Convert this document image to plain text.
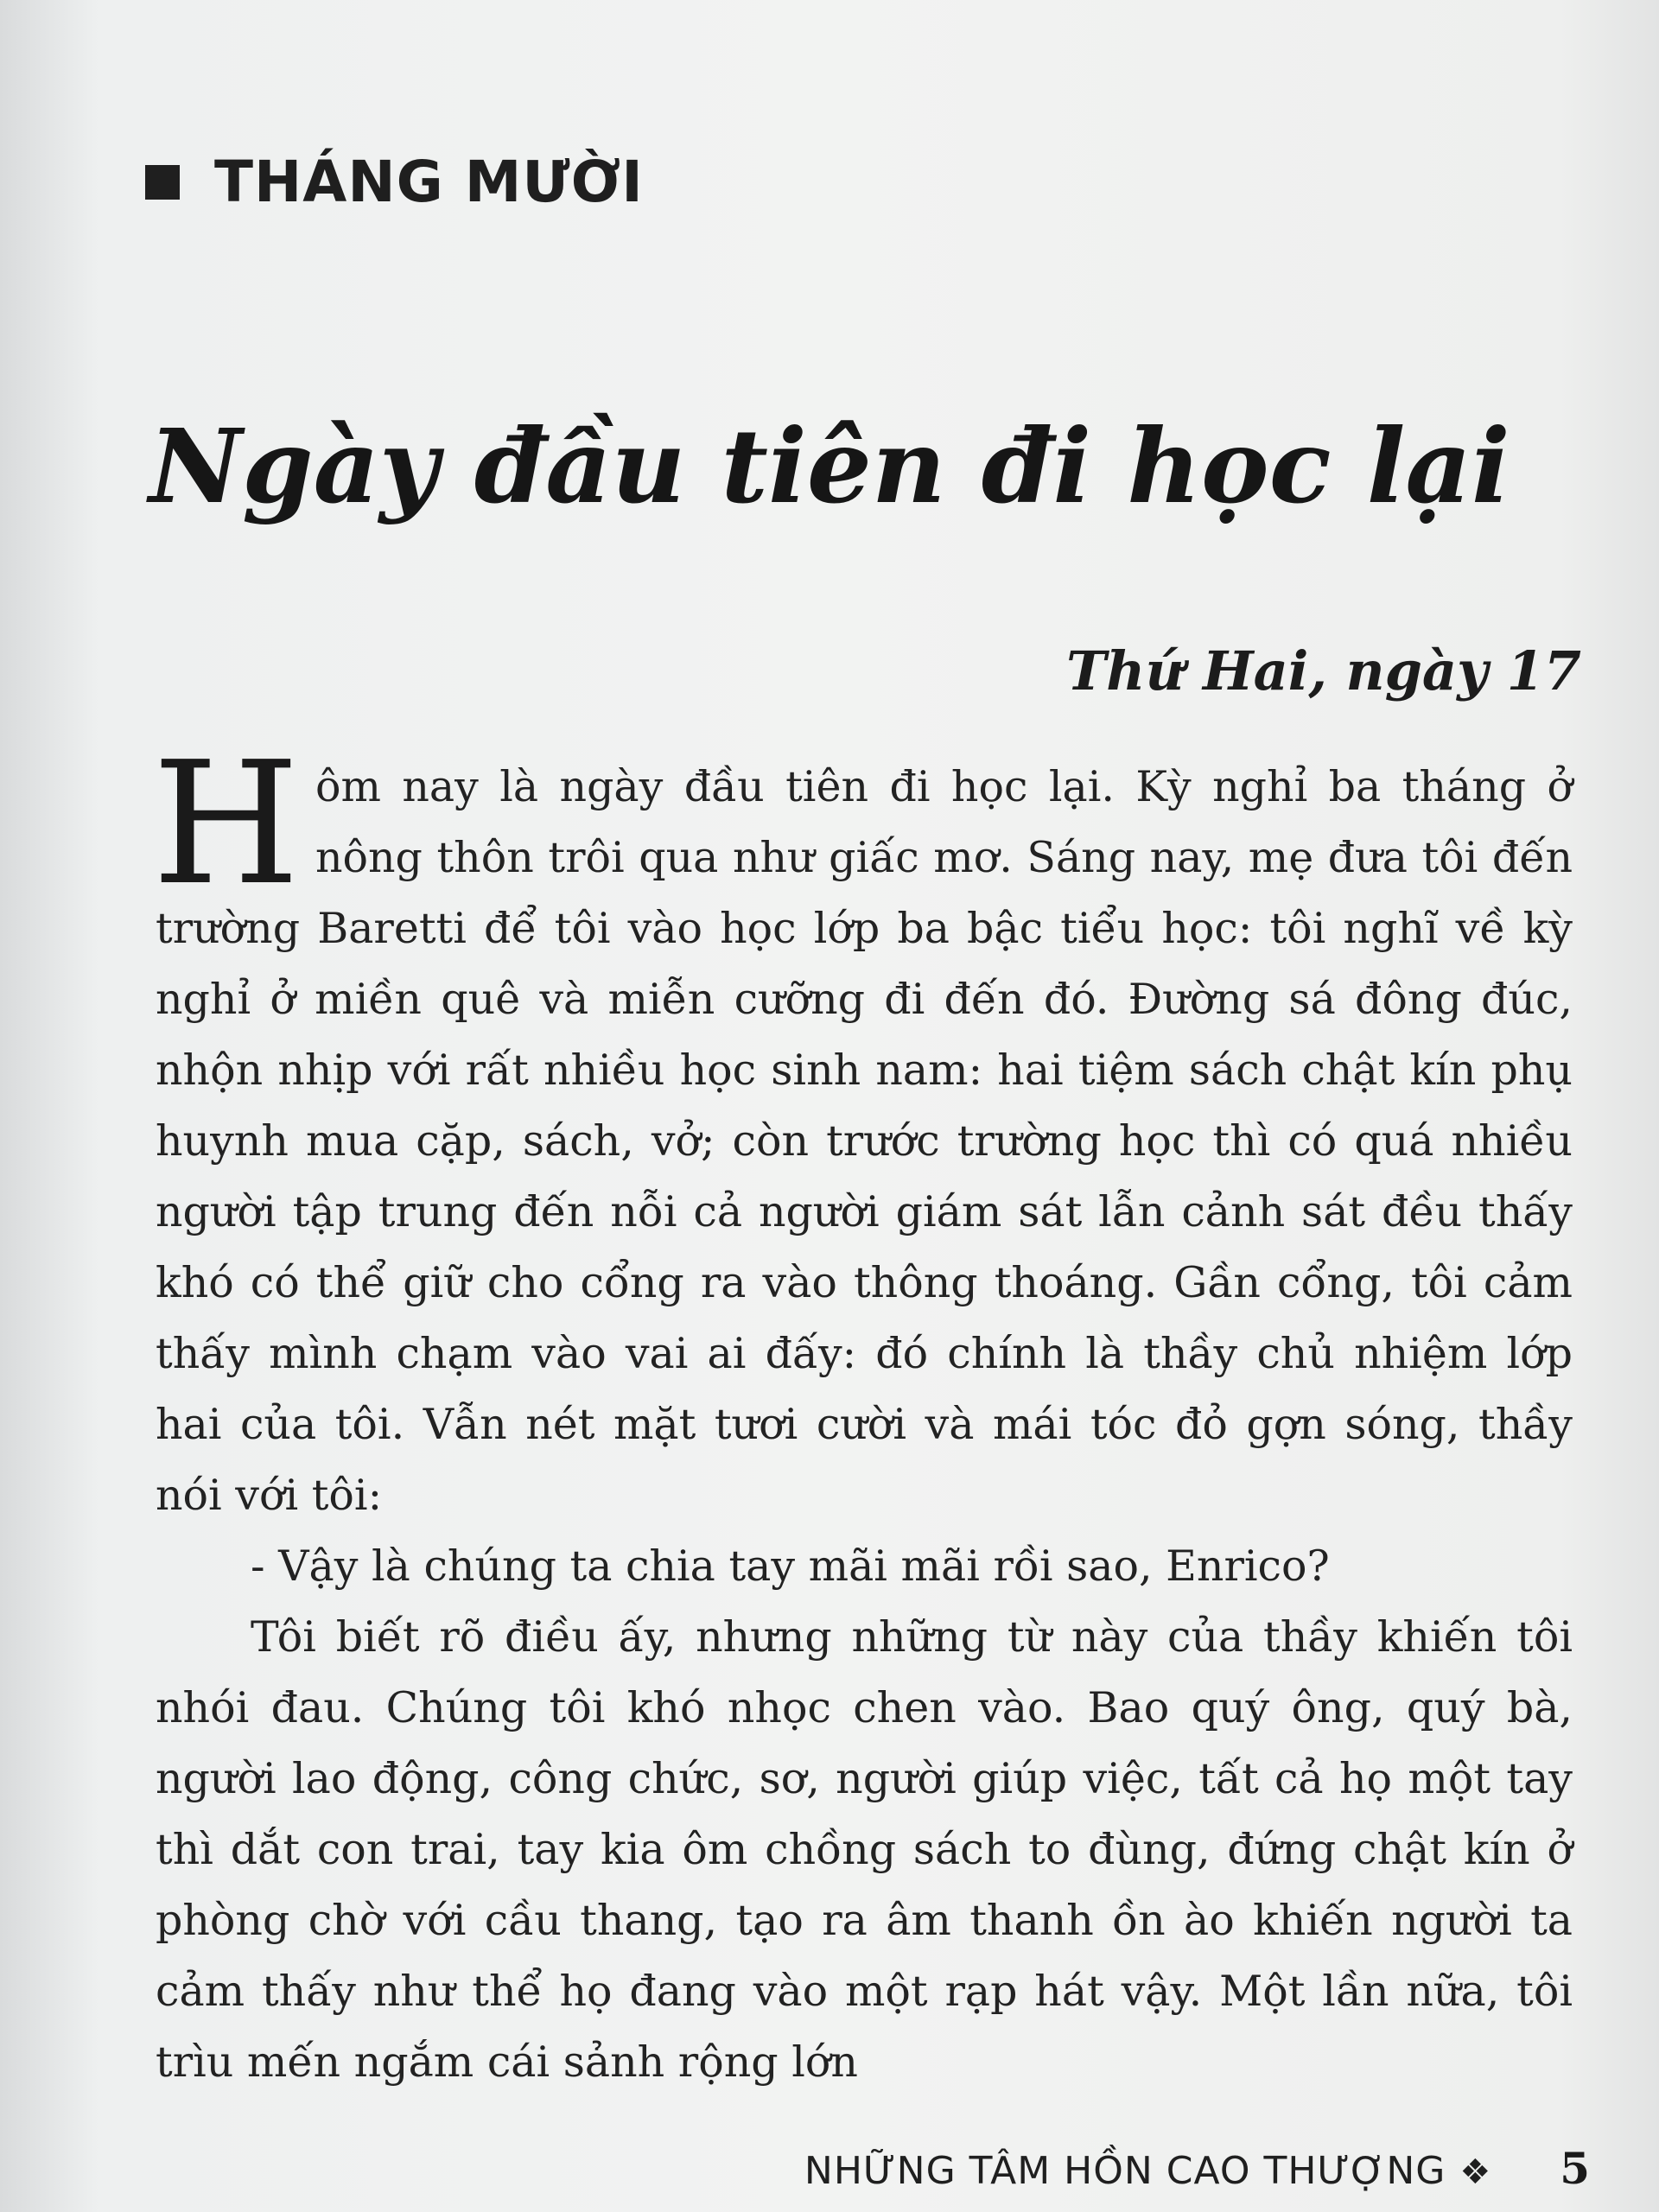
THÁNG MƯỜI
Ngày đầu tiên đi học lại
Thứ Hai, ngày 17

Hôm nay là ngày đầu tiên đi học lại. Kỳ nghỉ ba tháng ở nông thôn trôi qua như giấc mơ. Sáng nay, mẹ đưa tôi đến trường Baretti để tôi vào học lớp ba bậc tiểu học: tôi nghĩ về kỳ nghỉ ở miền quê và miễn cưỡng đi đến đó. Đường sá đông đúc, nhộn nhịp với rất nhiều học sinh nam: hai tiệm sách chật kín phụ huynh mua cặp, sách, vở; còn trước trường học thì có quá nhiều người tập trung đến nỗi cả người giám sát lẫn cảnh sát đều thấy khó có thể giữ cho cổng ra vào thông thoáng. Gần cổng, tôi cảm thấy mình chạm vào vai ai đấy: đó chính là thầy chủ nhiệm lớp hai của tôi. Vẫn nét mặt tươi cười và mái tóc đỏ gợn sóng, thầy nói với tôi:

- Vậy là chúng ta chia tay mãi mãi rồi sao, Enrico?

Tôi biết rõ điều ấy, nhưng những từ này của thầy khiến tôi nhói đau. Chúng tôi khó nhọc chen vào. Bao quý ông, quý bà, người lao động, công chức, sơ, người giúp việc, tất cả họ một tay thì dắt con trai, tay kia ôm chồng sách to đùng, đứng chật kín ở phòng chờ với cầu thang, tạo ra âm thanh ồn ào khiến người ta cảm thấy như thể họ đang vào một rạp hát vậy. Một lần nữa, tôi trìu mến ngắm cái sảnh rộng lớn

NHỮNG TÂM HỒN CAO THƯỢNG ❖ 5
